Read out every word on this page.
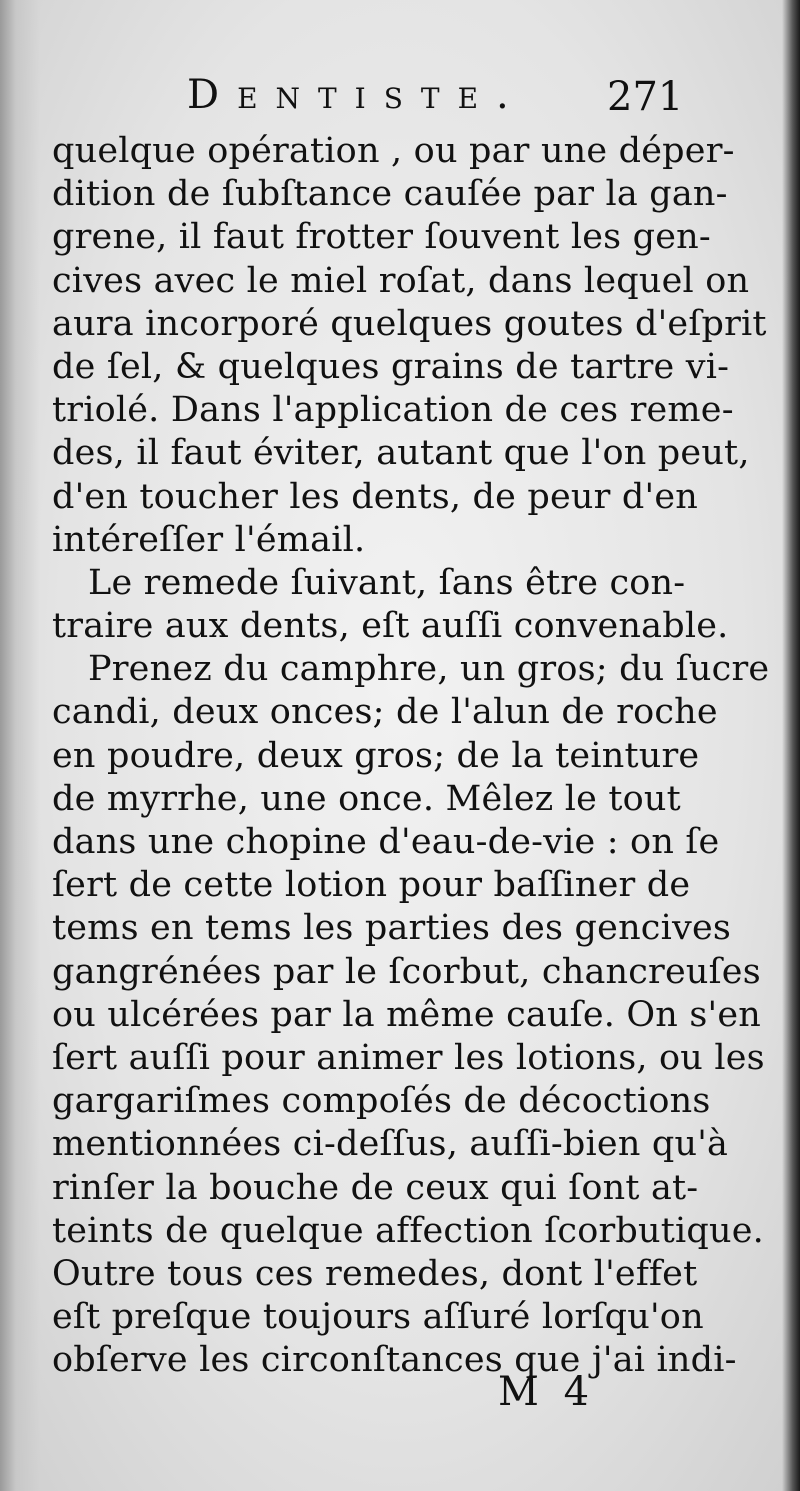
Dentiste. 271
quelque opération , ou par une déper-
dition de ſubſtance cauſée par la gan-
grene, il faut frotter ſouvent les gen-
cives avec le miel roſat, dans lequel on
aura incorporé quelques goutes d'eſprit
de ſel, & quelques grains de tartre vi-
triolé. Dans l'application de ces reme-
des, il faut éviter, autant que l'on peut,
d'en toucher les dents, de peur d'en
intéreſſer l'émail.
Le remede ſuivant, ſans être con-
traire aux dents, eſt auſſi convenable.
Prenez du camphre, un gros; du ſucre
candi, deux onces; de l'alun de roche
en poudre, deux gros; de la teinture
de myrrhe, une once. Mêlez le tout
dans une chopine d'eau-de-vie : on ſe
ſert de cette lotion pour baſſiner de
tems en tems les parties des gencives
gangrénées par le ſcorbut, chancreuſes
ou ulcérées par la même cauſe. On s'en
ſert auſſi pour animer les lotions, ou les
gargariſmes compoſés de décoctions
mentionnées ci-deſſus, auſſi-bien qu'à
rinſer la bouche de ceux qui ſont at-
teints de quelque affection ſcorbutique.
Outre tous ces remedes, dont l'effet
eſt preſque toujours aſſuré lorſqu'on
obſerve les circonſtances que j'ai indi-
M 4
